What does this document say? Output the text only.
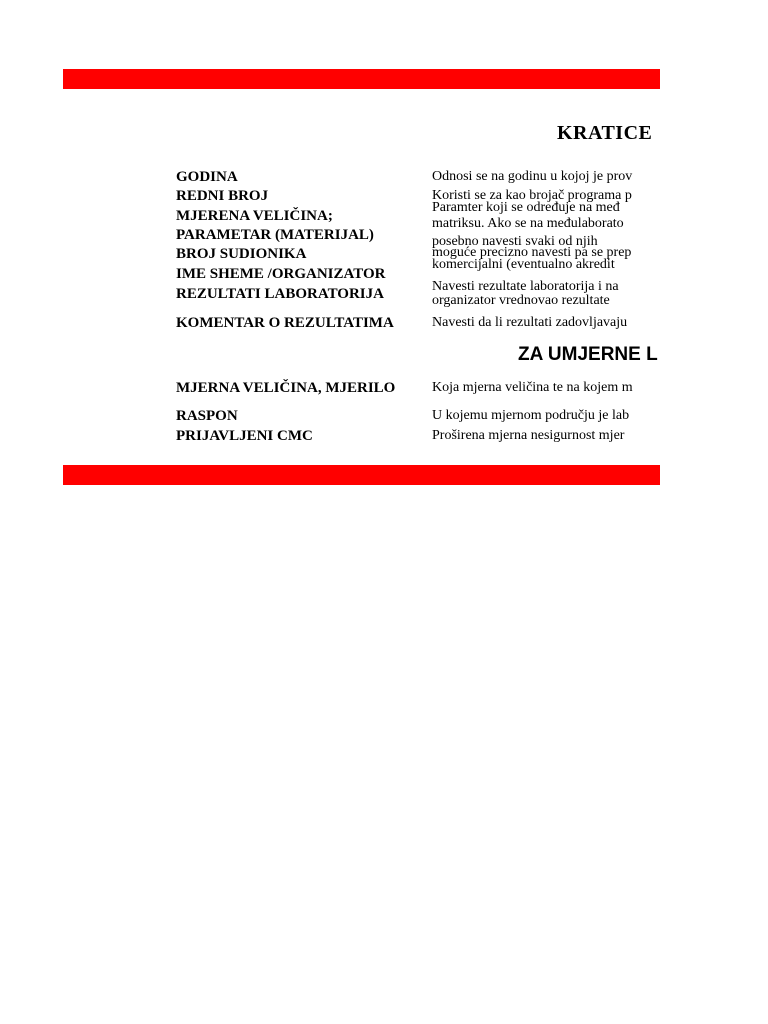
KRATICE
GODINA
REDNI BROJ
MJERENA VELIČINA;
PARAMETAR (MATERIJAL)
BROJ SUDIONIKA
IME SHEME /ORGANIZATOR
REZULTATI LABORATORIJA
KOMENTAR O REZULTATIMA
Odnosi se na godinu u kojoj je prov
Koristi se za kao brojač programa p
Paramter koji se određuje na međ
matriksu. Ako se na međulaborato
posebno navesti svaki od njih
moguće precizno navesti pa se prep
komercijalni (eventualno akredit
Navesti rezultate laboratorija i na
organizator vrednovao rezultate
Navesti da li rezultati zadovljavaju
ZA UMJERNE L
MJERNA VELIČINA, MJERILO
RASPON
PRIJAVLJENI CMC
Koja mjerna veličina te na kojem m
U kojemu mjernom području je lab
Proširena mjerna nesigurnost mjer
